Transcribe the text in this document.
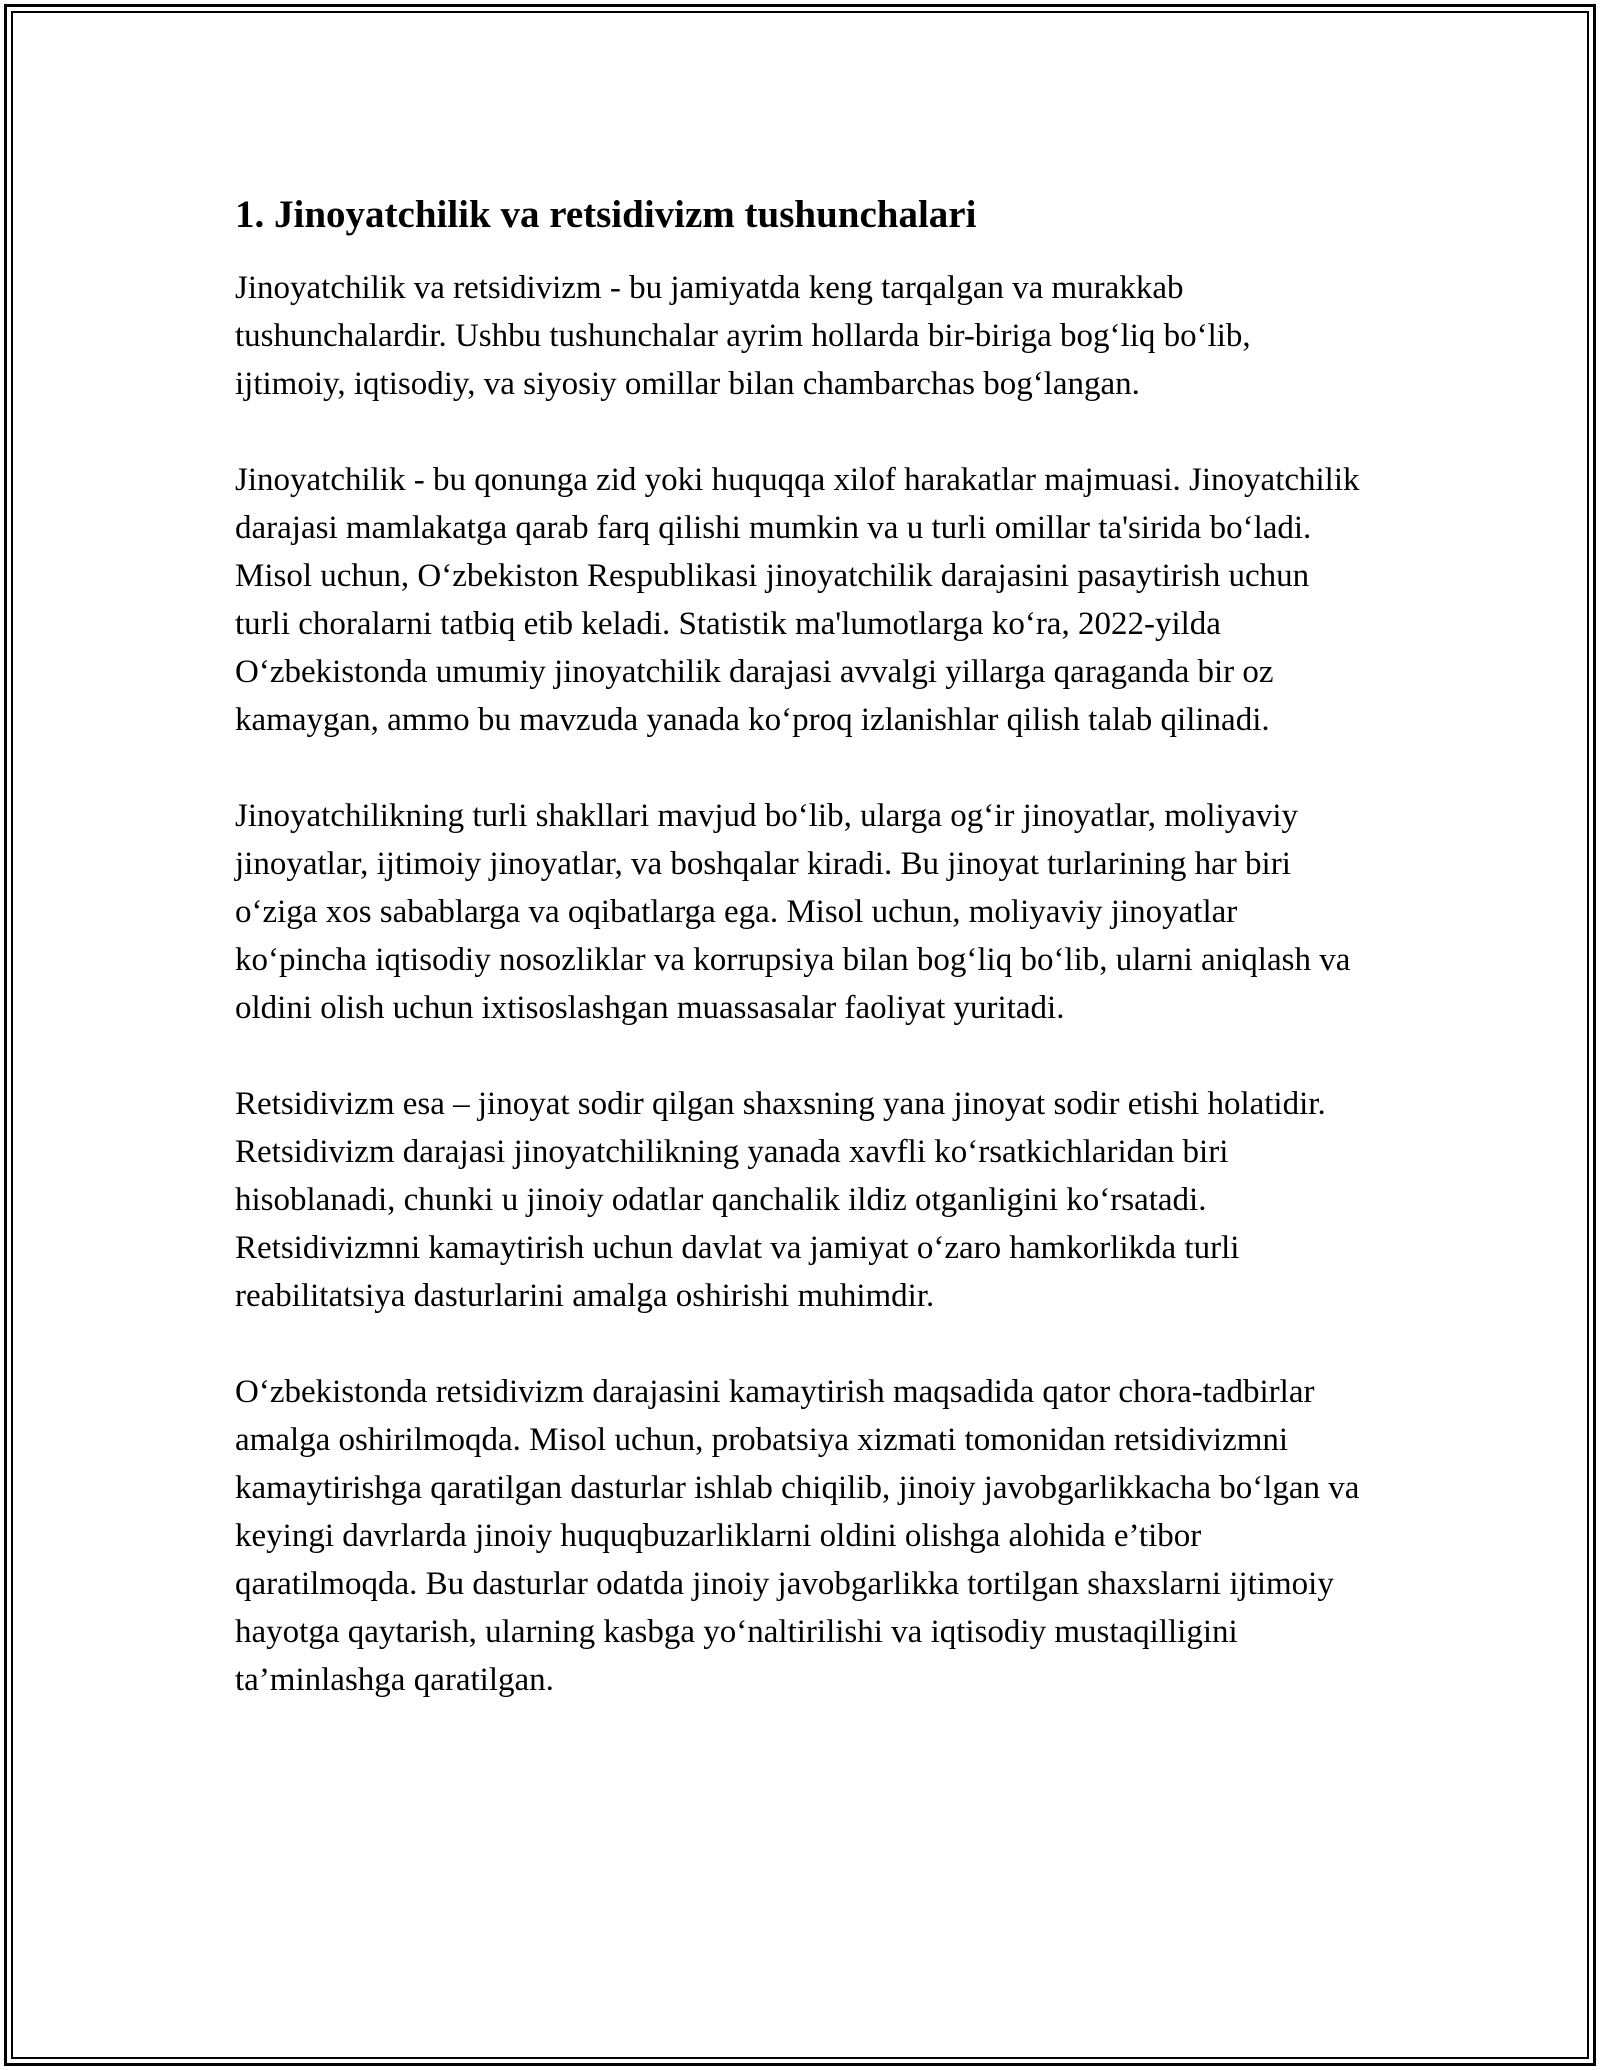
1. Jinoyatchilik va retsidivizm tushunchalari

Jinoyatchilik va retsidivizm - bu jamiyatda keng tarqalgan va murakkab tushunchalardir. Ushbu tushunchalar ayrim hollarda bir-biriga bog‘liq bo‘lib, ijtimoiy, iqtisodiy, va siyosiy omillar bilan chambarchas bog‘langan.

Jinoyatchilik - bu qonunga zid yoki huquqqa xilof harakatlar majmuasi. Jinoyatchilik darajasi mamlakatga qarab farq qilishi mumkin va u turli omillar ta'sirida bo‘ladi. Misol uchun, O‘zbekiston Respublikasi jinoyatchilik darajasini pasaytirish uchun turli choralarni tatbiq etib keladi. Statistik ma'lumotlarga ko‘ra, 2022-yilda O‘zbekistonda umumiy jinoyatchilik darajasi avvalgi yillarga qaraganda bir oz kamaygan, ammo bu mavzuda yanada ko‘proq izlanishlar qilish talab qilinadi.

Jinoyatchilikning turli shakllari mavjud bo‘lib, ularga og‘ir jinoyatlar, moliyaviy jinoyatlar, ijtimoiy jinoyatlar, va boshqalar kiradi. Bu jinoyat turlarining har biri o‘ziga xos sabablarga va oqibatlarga ega. Misol uchun, moliyaviy jinoyatlar ko‘pincha iqtisodiy nosozliklar va korrupsiya bilan bog‘liq bo‘lib, ularni aniqlash va oldini olish uchun ixtisoslashgan muassasalar faoliyat yuritadi.

Retsidivizm esa – jinoyat sodir qilgan shaxsning yana jinoyat sodir etishi holatidir. Retsidivizm darajasi jinoyatchilikning yanada xavfli ko‘rsatkichlaridan biri hisoblanadi, chunki u jinoiy odatlar qanchalik ildiz otganligini ko‘rsatadi. Retsidivizmni kamaytirish uchun davlat va jamiyat o‘zaro hamkorlikda turli reabilitatsiya dasturlarini amalga oshirishi muhimdir.

O‘zbekistonda retsidivizm darajasini kamaytirish maqsadida qator chora-tadbirlar amalga oshirilmoqda. Misol uchun, probatsiya xizmati tomonidan retsidivizmni kamaytirishga qaratilgan dasturlar ishlab chiqilib, jinoiy javobgarlikkacha bo‘lgan va keyingi davrlarda jinoiy huquqbuzarliklarni oldini olishga alohida e’tibor qaratilmoqda. Bu dasturlar odatda jinoiy javobgarlikka tortilgan shaxslarni ijtimoiy hayotga qaytarish, ularning kasbga yo‘naltirilishi va iqtisodiy mustaqilligini ta’minlashga qaratilgan.
